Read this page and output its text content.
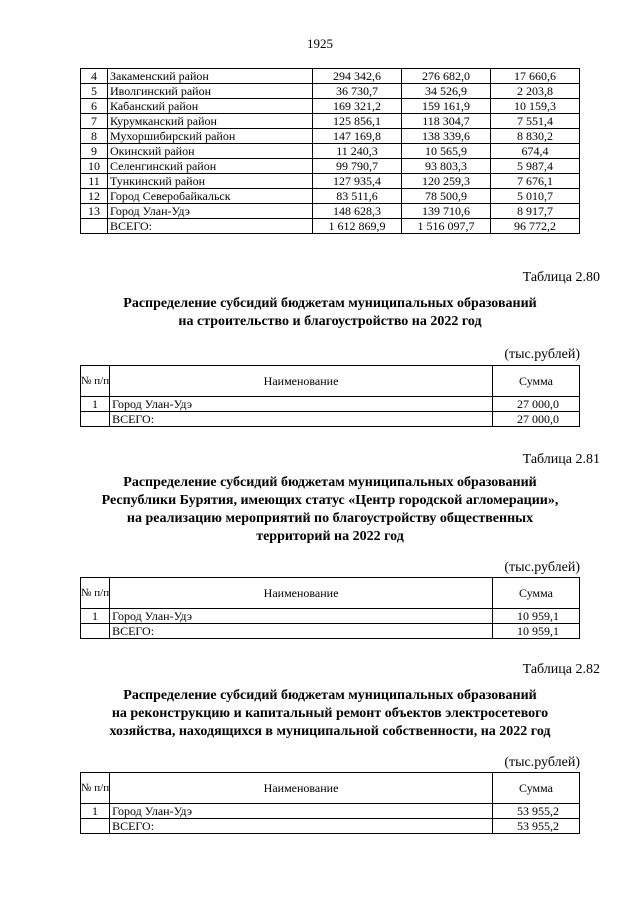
1925
4	Закаменский район	294 342,6	276 682,0	17 660,6
5	Иволгинский район	36 730,7	34 526,9	2 203,8
6	Кабанский район	169 321,2	159 161,9	10 159,3
7	Курумканский район	125 856,1	118 304,7	7 551,4
8	Мухоршибирский район	147 169,8	138 339,6	8 830,2
9	Окинский район	11 240,3	10 565,9	674,4
10	Селенгинский район	99 790,7	93 803,3	5 987,4
11	Тункинский район	127 935,4	120 259,3	7 676,1
12	Город Северобайкальск	83 511,6	78 500,9	5 010,7
13	Город Улан-Удэ	148 628,3	139 710,6	8 917,7
	ВСЕГО:	1 612 869,9	1 516 097,7	96 772,2
Таблица 2.80
Распределение субсидий бюджетам муниципальных образований
на строительство и благоустройство на 2022 год
(тыс.рублей)
№ п/п	Наименование	Сумма
1	Город Улан-Удэ	27 000,0
	ВСЕГО:	27 000,0
Таблица 2.81
Распределение субсидий бюджетам муниципальных образований
Республики Бурятия, имеющих статус «Центр городской агломерации»,
на реализацию мероприятий по благоустройству общественных
территорий на 2022 год
(тыс.рублей)
№ п/п	Наименование	Сумма
1	Город Улан-Удэ	10 959,1
	ВСЕГО:	10 959,1
Таблица 2.82
Распределение субсидий бюджетам муниципальных образований
на реконструкцию и капитальный ремонт объектов электросетевого
хозяйства, находящихся в муниципальной собственности, на 2022 год
(тыс.рублей)
№ п/п	Наименование	Сумма
1	Город Улан-Удэ	53 955,2
	ВСЕГО:	53 955,2
